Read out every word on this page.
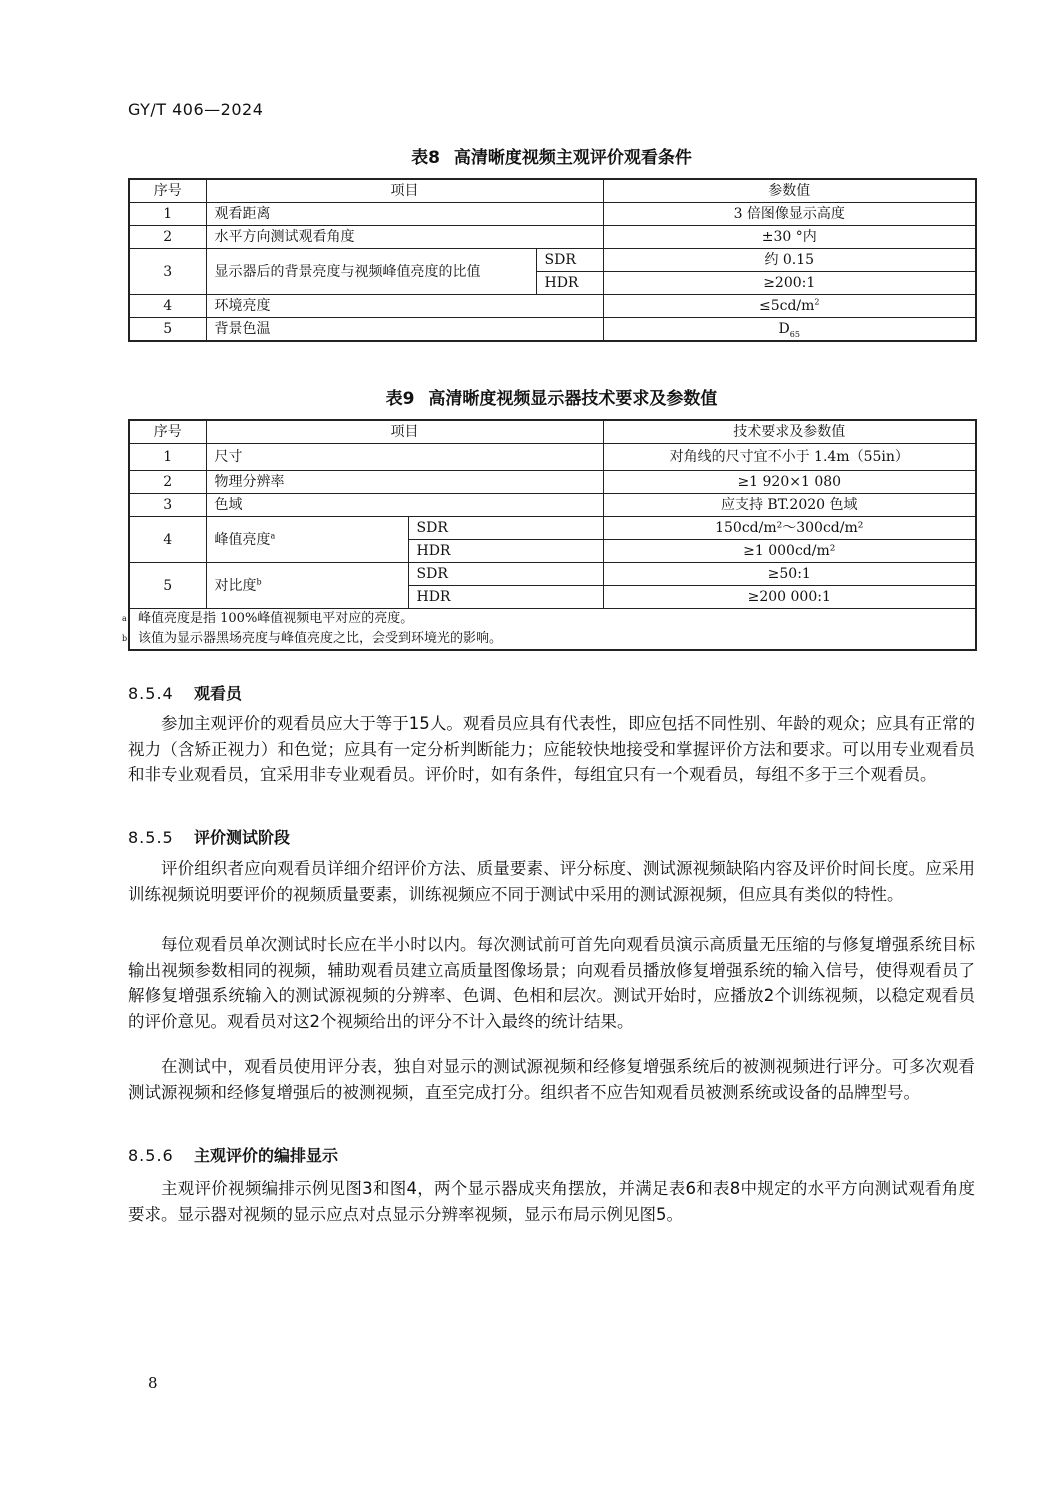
GY/T 406—2024
表8 高清晰度视频主观评价观看条件
序号	项目		参数值
1	观看距离		3 倍图像显示高度
2	水平方向测试观看角度		±30 °内
3	显示器后的背景亮度与视频峰值亮度的比值	SDR	约 0.15
		HDR	≥200:1
4	环境亮度		$\le 5cd/m^2$
5	背景色温		$D_{65}$
表9 高清晰度视频显示器技术要求及参数值
序号	项目		技术要求及参数值
1	尺寸		对角线的尺寸宜不小于 1.4m（55in）
2	物理分辨率		≥1 920×1 080
3	色域		应支持 BT.2020 色域
4	峰值亮度$^a$	SDR	150cd/m²～300cd/m²
		HDR	≥1 000cd/m²
5	对比度$^b$	SDR	≥50:1
		HDR	≥200 000:1

a 峰值亮度是指 100%峰值视频电平对应的亮度。
b 该值为显示器黑场亮度与峰值亮度之比，会受到环境光的影响。			
8.5.4 观看员

参加主观评价的观看员应大于等于15人。观看员应具有代表性，即应包括不同性别、年龄的观众；应具有正常的视力（含矫正视力）和色觉；应具有一定分析判断能力；应能较快地接受和掌握评价方法和要求。可以用专业观看员和非专业观看员，宜采用非专业观看员。评价时，如有条件，每组宜只有一个观看员，每组不多于三个观看员。

8.5.5 评价测试阶段

评价组织者应向观看员详细介绍评价方法、质量要素、评分标度、测试源视频缺陷内容及评价时间长度。应采用训练视频说明要评价的视频质量要素，训练视频应不同于测试中采用的测试源视频，但应具有类似的特性。

每位观看员单次测试时长应在半小时以内。每次测试前可首先向观看员演示高质量无压缩的与修复增强系统目标输出视频参数相同的视频，辅助观看员建立高质量图像场景；向观看员播放修复增强系统的输入信号，使得观看员了解修复增强系统输入的测试源视频的分辨率、色调、色相和层次。测试开始时，应播放2个训练视频，以稳定观看员的评价意见。观看员对这2个视频给出的评分不计入最终的统计结果。

在测试中，观看员使用评分表，独自对显示的测试源视频和经修复增强系统后的被测视频进行评分。可多次观看测试源视频和经修复增强后的被测视频，直至完成打分。组织者不应告知观看员被测系统或设备的品牌型号。

8.5.6 主观评价的编排显示

主观评价视频编排示例见图3和图4，两个显示器成夹角摆放，并满足表6和表8中规定的水平方向测试观看角度要求。显示器对视频的显示应点对点显示分辨率视频，显示布局示例见图5。

8
